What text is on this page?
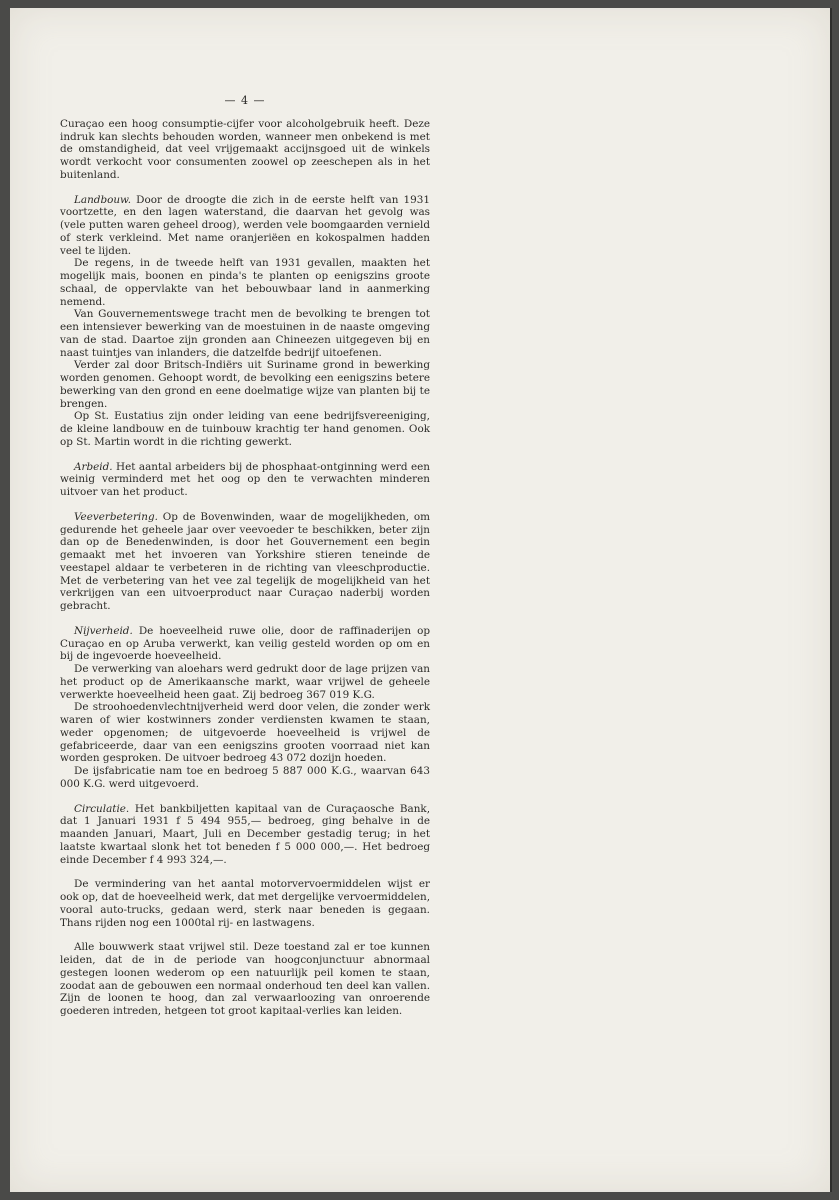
— 4 —

Curaçao een hoog consumptie-cijfer voor alcoholgebruik heeft. Deze indruk kan slechts behouden worden, wanneer men onbekend is met de omstandigheid, dat veel vrijgemaakt accijnsgoed uit de winkels wordt verkocht voor consumenten zoowel op zeeschepen als in het buitenland.

Landbouw. Door de droogte die zich in de eerste helft van 1931 voortzette, en den lagen waterstand, die daarvan het gevolg was (vele putten waren geheel droog), werden vele boomgaarden vernield of sterk verkleind. Met name oranjeriëen en kokospalmen hadden veel te lijden.

De regens, in de tweede helft van 1931 gevallen, maakten het mogelijk mais, boonen en pinda's te planten op eenigszins groote schaal, de oppervlakte van het bebouwbaar land in aanmerking nemend.

Van Gouvernementswege tracht men de bevolking te brengen tot een intensiever bewerking van de moestuinen in de naaste omgeving van de stad. Daartoe zijn gronden aan Chineezen uitgegeven bij en naast tuintjes van inlanders, die datzelfde bedrijf uitoefenen.

Verder zal door Britsch-Indiërs uit Suriname grond in bewerking worden genomen. Gehoopt wordt, de bevolking een eenigszins betere bewerking van den grond en eene doelmatige wijze van planten bij te brengen.

Op St. Eustatius zijn onder leiding van eene bedrijfsvereeniging, de kleine landbouw en de tuinbouw krachtig ter hand genomen. Ook op St. Martin wordt in die richting gewerkt.

Arbeid. Het aantal arbeiders bij de phosphaat-ontginning werd een weinig verminderd met het oog op den te verwachten minderen uitvoer van het product.

Veeverbetering. Op de Bovenwinden, waar de mogelijkheden, om gedurende het geheele jaar over veevoeder te beschikken, beter zijn dan op de Benedenwinden, is door het Gouvernement een begin gemaakt met het invoeren van Yorkshire stieren teneinde de veestapel aldaar te verbeteren in de richting van vleeschproductie. Met de verbetering van het vee zal tegelijk de mogelijkheid van het verkrijgen van een uitvoerproduct naar Curaçao naderbij worden gebracht.

Nijverheid. De hoeveelheid ruwe olie, door de raffinaderijen op Curaçao en op Aruba verwerkt, kan veilig gesteld worden op om en bij de ingevoerde hoeveelheid.

De verwerking van aloehars werd gedrukt door de lage prijzen van het product op de Amerikaansche markt, waar vrijwel de geheele verwerkte hoeveelheid heen gaat. Zij bedroeg 367 019 K.G.

De stroohoedenvlechtnijverheid werd door velen, die zonder werk waren of wier kostwinners zonder verdiensten kwamen te staan, weder opgenomen; de uitgevoerde hoeveelheid is vrijwel de gefabriceerde, daar van een eenigszins grooten voorraad niet kan worden gesproken. De uitvoer bedroeg 43 072 dozijn hoeden.

De ijsfabricatie nam toe en bedroeg 5 887 000 K.G., waarvan 643 000 K.G. werd uitgevoerd.

Circulatie. Het bankbiljetten kapitaal van de Curaçaosche Bank, dat 1 Januari 1931 f 5 494 955,— bedroeg, ging behalve in de maanden Januari, Maart, Juli en December gestadig terug; in het laatste kwartaal slonk het tot beneden f 5 000 000,—. Het bedroeg einde December f 4 993 324,—.

De vermindering van het aantal motorvervoermiddelen wijst er ook op, dat de hoeveelheid werk, dat met dergelijke vervoermiddelen, vooral auto-trucks, gedaan werd, sterk naar beneden is gegaan. Thans rijden nog een 1000tal rij- en lastwagens.

Alle bouwwerk staat vrijwel stil. Deze toestand zal er toe kunnen leiden, dat de in de periode van hoogconjunctuur abnormaal gestegen loonen wederom op een natuurlijk peil komen te staan, zoodat aan de gebouwen een normaal onderhoud ten deel kan vallen. Zijn de loonen te hoog, dan zal verwaarloozing van onroerende goederen intreden, hetgeen tot groot kapitaal-verlies kan leiden.
